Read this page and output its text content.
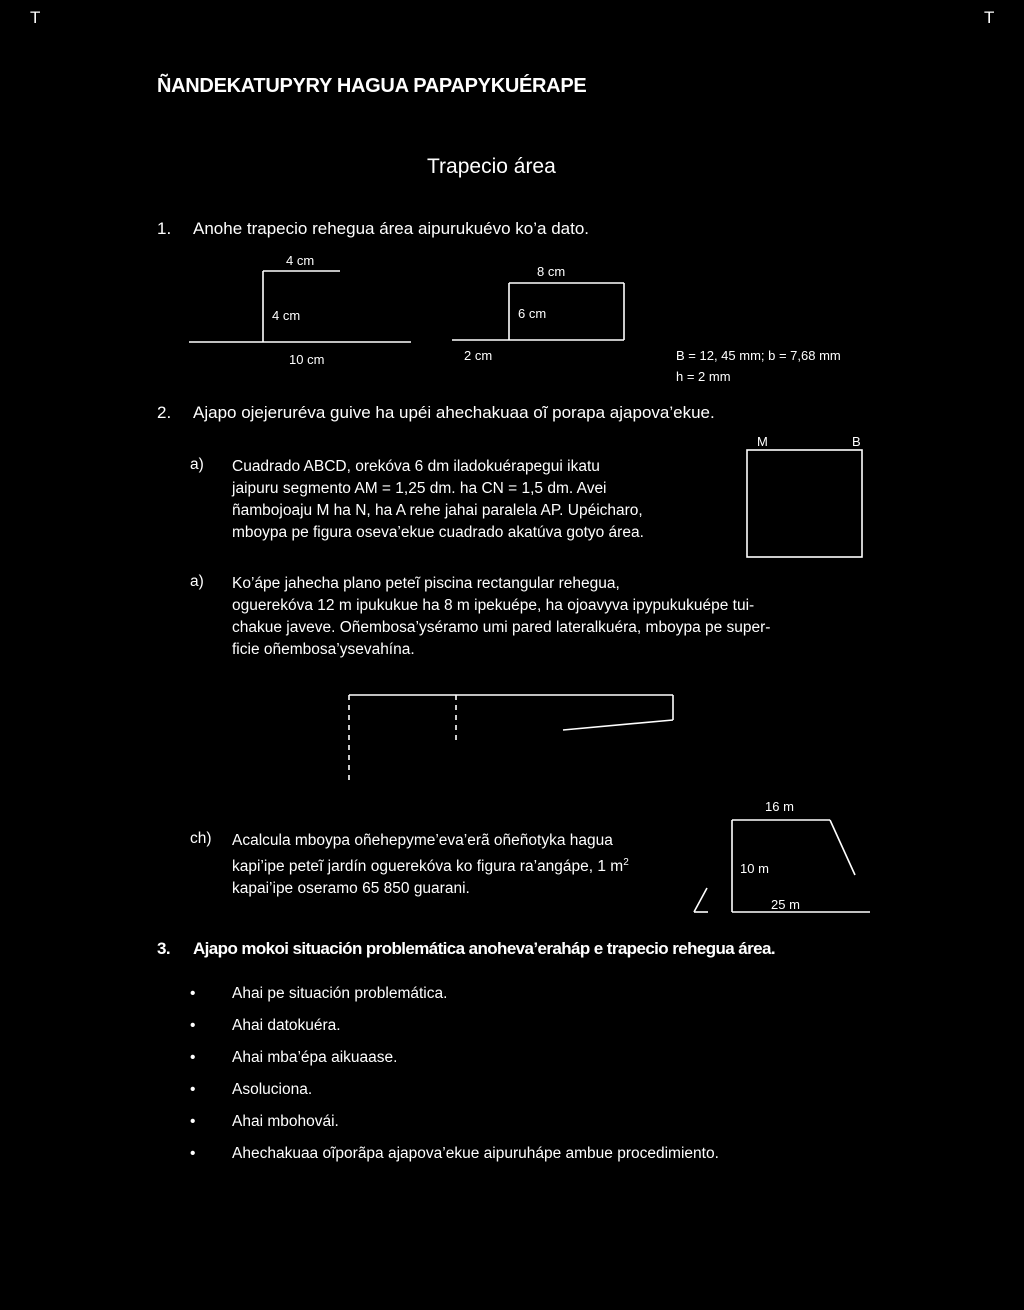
T	T
ÑANDEKATUPYRY HAGUA PAPAPYKUÉRAPE
Trapecio área
1. Anohe trapecio rehegua área aipurukuévo ko’a dato.
4 cm
4 cm
10 cm
8 cm
6 cm
2 cm	B = 12, 45 mm; b = 7,68 mm
h = 2 mm
2. Ajapo ojejeruréva guive ha upéi ahechakuaa oĩ porapa ajapova’ekue.
M	B
a) Cuadrado ABCD, orekóva 6 dm iladokuérapegui ikatu
jaipuru segmento AM = 1,25 dm. ha CN = 1,5 dm. Avei
ñambojoaju M ha N, ha A rehe jahai paralela AP. Upéicharo,
mboypa pe figura oseva’ekue cuadrado akatúva gotyo área.
a) Ko’ápe jahecha plano peteĩ piscina rectangular rehegua,
oguerekóva 12 m ipukukue ha 8 m ipekuépe, ha ojoavyva ipypukukuépe tui-
chakue javeve. Oñembosa’yséramo umi pared lateralkuéra, mboypa pe super-
ficie oñembosa’ysevahína.
16 m
10 m
25 m
ch) Acalcula mboypa oñehepyme’eva’erã oñeñotyka hagua
kapi’ipe peteĩ jardín oguerekóva ko figura ra’angápe, 1 $m^2$
kapai’ipe oseramo 65 850 guarani.
3. Ajapo mokoi situación problemática anoheva’eraháp e trapecio rehegua área.
• Ahai pe situación problemática.
• Ahai datokuéra.
• Ahai mba’épa aikuaase.
• Asoluciona.
• Ahai mbohovái.
• Ahechakuaa oĩporãpa ajapova’ekue aipuruhápe ambue procedimiento.
